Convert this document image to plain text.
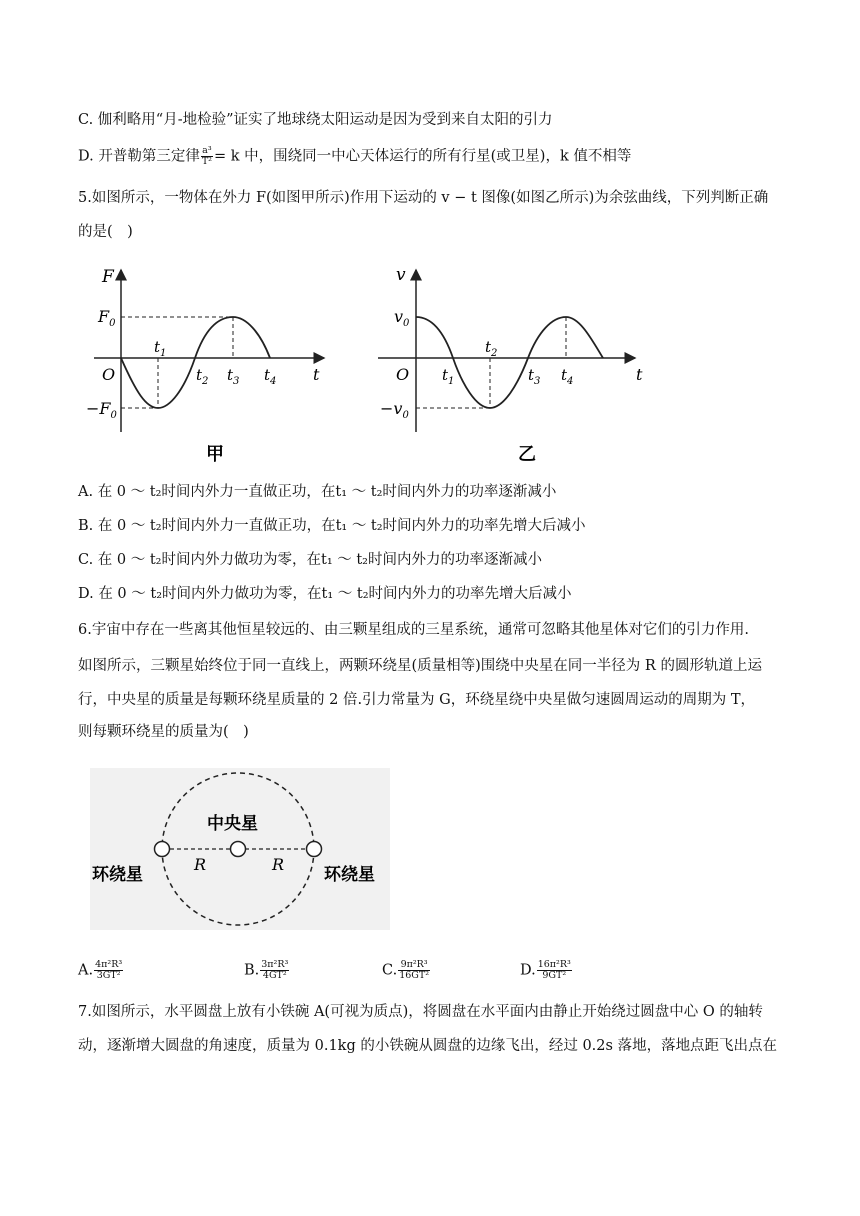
C. 伽利略用“月-地检验”证实了地球绕太阳运动是因为受到来自太阳的引力
D. 开普勒第三定律 $\frac{\text{a³}}{\text{T²}} = k$ 中，围绕同一中心天体运行的所有行星(或卫星)，k 值不相等
5.如图所示，一物体在外力 F(如图甲所示)作用下运动的 v − t 图像(如图乙所示)为余弦曲线，下列判断正确
的是(　)
F
t
O
$F_0$
$-F_0$
$t_1$
$t_2$ $t_3$ $t_4$
甲
v
t
O
$v_0$
$-v_0$
$t_1$
$t_2$
$t_3$ $t_4$
乙
A. 在 0 ～ t₂时间内外力一直做正功，在t₁ ～ t₂时间内外力的功率逐渐减小
B. 在 0 ～ t₂时间内外力一直做正功，在t₁ ～ t₂时间内外力的功率先增大后减小
C. 在 0 ～ t₂时间内外力做功为零，在t₁ ～ t₂时间内外力的功率逐渐减小
D. 在 0 ～ t₂时间内外力做功为零，在t₁ ～ t₂时间内外力的功率先增大后减小
6.宇宙中存在一些离其他恒星较远的、由三颗星组成的三星系统，通常可忽略其他星体对它们的引力作用.
如图所示，三颗星始终位于同一直线上，两颗环绕星(质量相等)围绕中央星在同一半径为 R 的圆形轨道上运
行，中央星的质量是每颗环绕星质量的 2 倍.引力常量为 G，环绕星绕中央星做匀速圆周运动的周期为 T，
则每颗环绕星的质量为(　)
中央星
环绕星	环绕星
R	R
A. $\frac{\text{4π²R³}}{\text{3GT²}}$	B. $\frac{\text{3π²R³}}{\text{4GT²}}$	C. $\frac{\text{9π²R³}}{\text{16GT²}}$	D. $\frac{\text{16π²R³}}{\text{9GT²}}$
7.如图所示，水平圆盘上放有小铁碗 A(可视为质点)，将圆盘在水平面内由静止开始绕过圆盘中心 O 的轴转
动，逐渐增大圆盘的角速度，质量为 0.1kg 的小铁碗从圆盘的边缘飞出，经过 0.2s 落地，落地点距飞出点在
